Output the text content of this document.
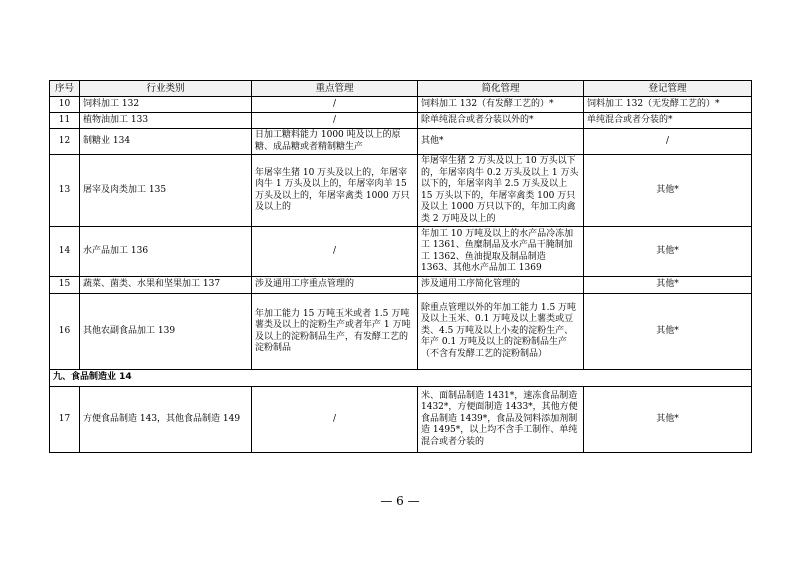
序号	行业类别	重点管理	简化管理	登记管理
10	饲料加工 132	/	饲料加工 132（有发酵工艺的）*	饲料加工 132（无发酵工艺的）*
11	植物油加工 133	/	除单纯混合或者分装以外的*	单纯混合或者分装的*
12	制糖业 134	日加工糖料能力 1000 吨及以上的原糖、成品糖或者精制糖生产	其他*	/
13	屠宰及肉类加工 135	年屠宰生猪 10 万头及以上的，年屠宰肉牛 1 万头及以上的，年屠宰肉羊 15 万头及以上的，年屠宰禽类 1000 万只及以上的	年屠宰生猪 2 万头及以上 10 万头以下的，年屠宰肉牛 0.2 万头及以上 1 万头以下的，年屠宰肉羊 2.5 万头及以上 15 万头以下的，年屠宰禽类 100 万只及以上 1000 万只以下的，年加工肉禽类 2 万吨及以上的	其他*
14	水产品加工 136	/	年加工 10 万吨及以上的水产品冷冻加工 1361、鱼糜制品及水产品干腌制加工 1362、鱼油提取及制品制造 1363、其他水产品加工 1369	其他*
15	蔬菜、菌类、水果和坚果加工 137	涉及通用工序重点管理的	涉及通用工序简化管理的	其他*
16	其他农副食品加工 139	年加工能力 15 万吨玉米或者 1.5 万吨薯类及以上的淀粉生产或者年产 1 万吨及以上的淀粉制品生产，有发酵工艺的淀粉制品	除重点管理以外的年加工能力 1.5 万吨及以上玉米、0.1 万吨及以上薯类或豆类、4.5 万吨及以上小麦的淀粉生产、年产 0.1 万吨及以上的淀粉制品生产（不含有发酵工艺的淀粉制品）	其他*
九、食品制造业 14				
17	方便食品制造 143，其他食品制造 149	/	米、面制品制造 1431*，速冻食品制造 1432*，方便面制造 1433*，其他方便食品制造 1439*，食品及饲料添加剂制造 1495*，以上均不含手工制作、单纯混合或者分装的	其他*
— 6 —
